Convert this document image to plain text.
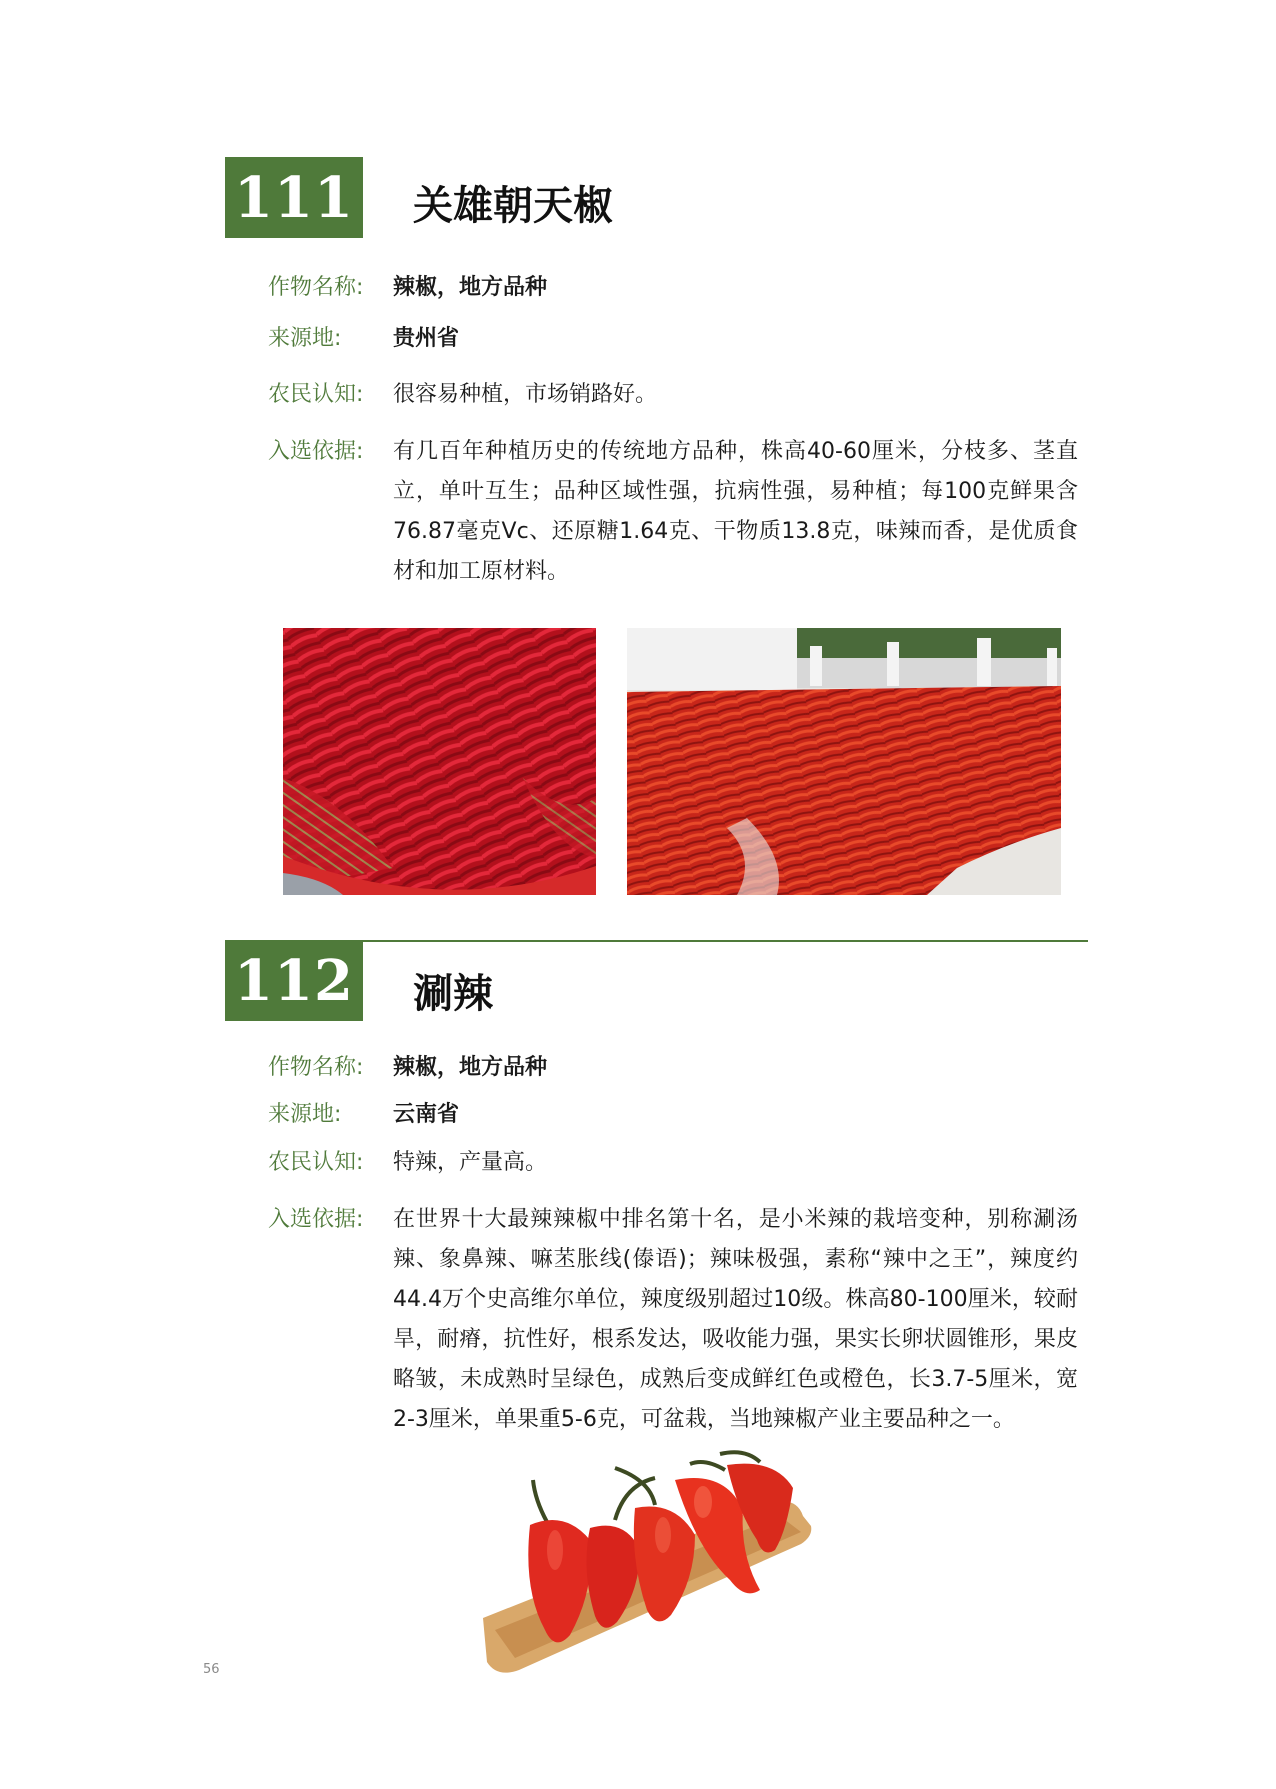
111 关雄朝天椒
作物名称:	辣椒，地方品种
来源地:	贵州省
农民认知:	很容易种植，市场销路好。
入选依据:	有几百年种植历史的传统地方品种，株高40-60厘米，分枝多、茎直立，单叶互生；品种区域性强，抗病性强，易种植；每100克鲜果含76.87毫克Vc、还原糖1.64克、干物质13.8克，味辣而香，是优质食材和加工原材料。
112 涮辣
作物名称:	辣椒，地方品种
来源地:	云南省
农民认知:	特辣，产量高。
入选依据:	在世界十大最辣辣椒中排名第十名，是小米辣的栽培变种，别称涮汤辣、象鼻辣、嘛苤胀线(傣语)；辣味极强，素称“辣中之王”，辣度约44.4万个史高维尔单位，辣度级别超过10级。株高80-100厘米，较耐旱，耐瘠，抗性好，根系发达，吸收能力强，果实长卵状圆锥形，果皮略皱，未成熟时呈绿色，成熟后变成鲜红色或橙色，长3.7-5厘米，宽2-3厘米，单果重5-6克，可盆栽，当地辣椒产业主要品种之一。
56
